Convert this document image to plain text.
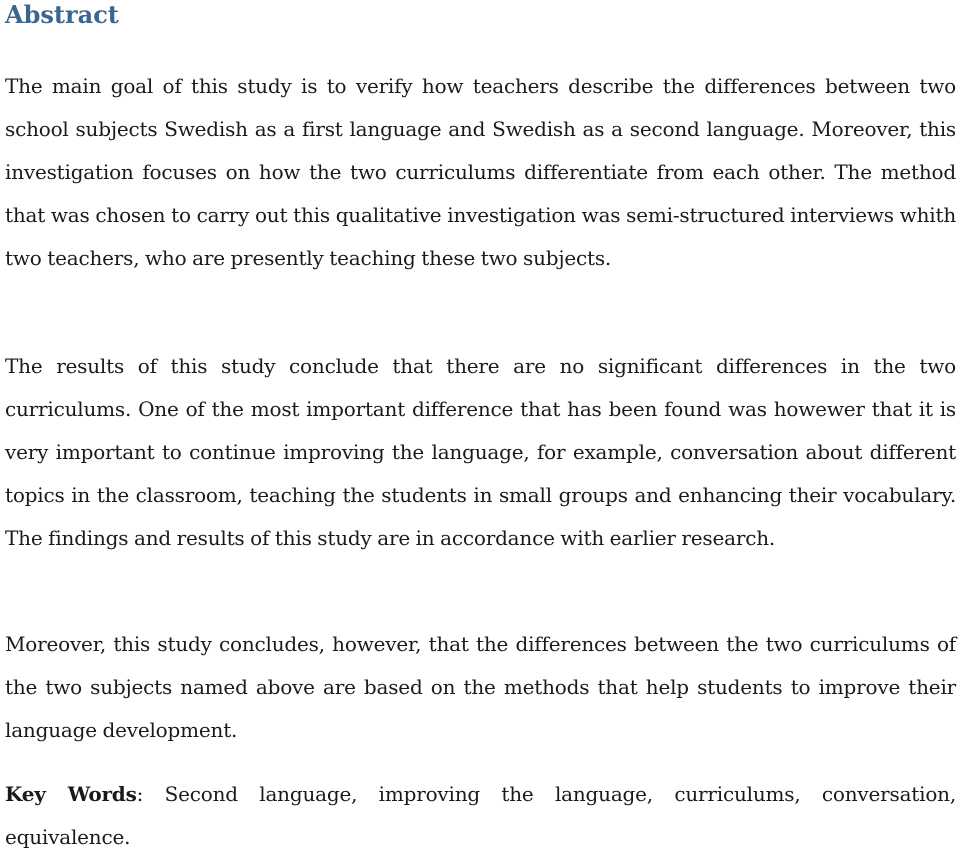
Abstract

The main goal of this study is to verify how teachers describe the differences between two school subjects Swedish as a first language and Swedish as a second language. Moreover, this investigation focuses on how the two curriculums differentiate from each other. The method that was chosen to carry out this qualitative investigation was semi-structured interviews whith two teachers, who are presently teaching these two subjects.

The results of this study conclude that there are no significant differences in the two curriculums. One of the most important difference that has been found was howewer that it is very important to continue improving the language, for example, conversation about different topics in the classroom, teaching the students in small groups and enhancing their vocabulary. The findings and results of this study are in accordance with earlier research.

Moreover, this study concludes, however, that the differences between the two curriculums of the two subjects named above are based on the methods that help students to improve their language development.

Key Words: Second language, improving the language, curriculums, conversation, equivalence.
